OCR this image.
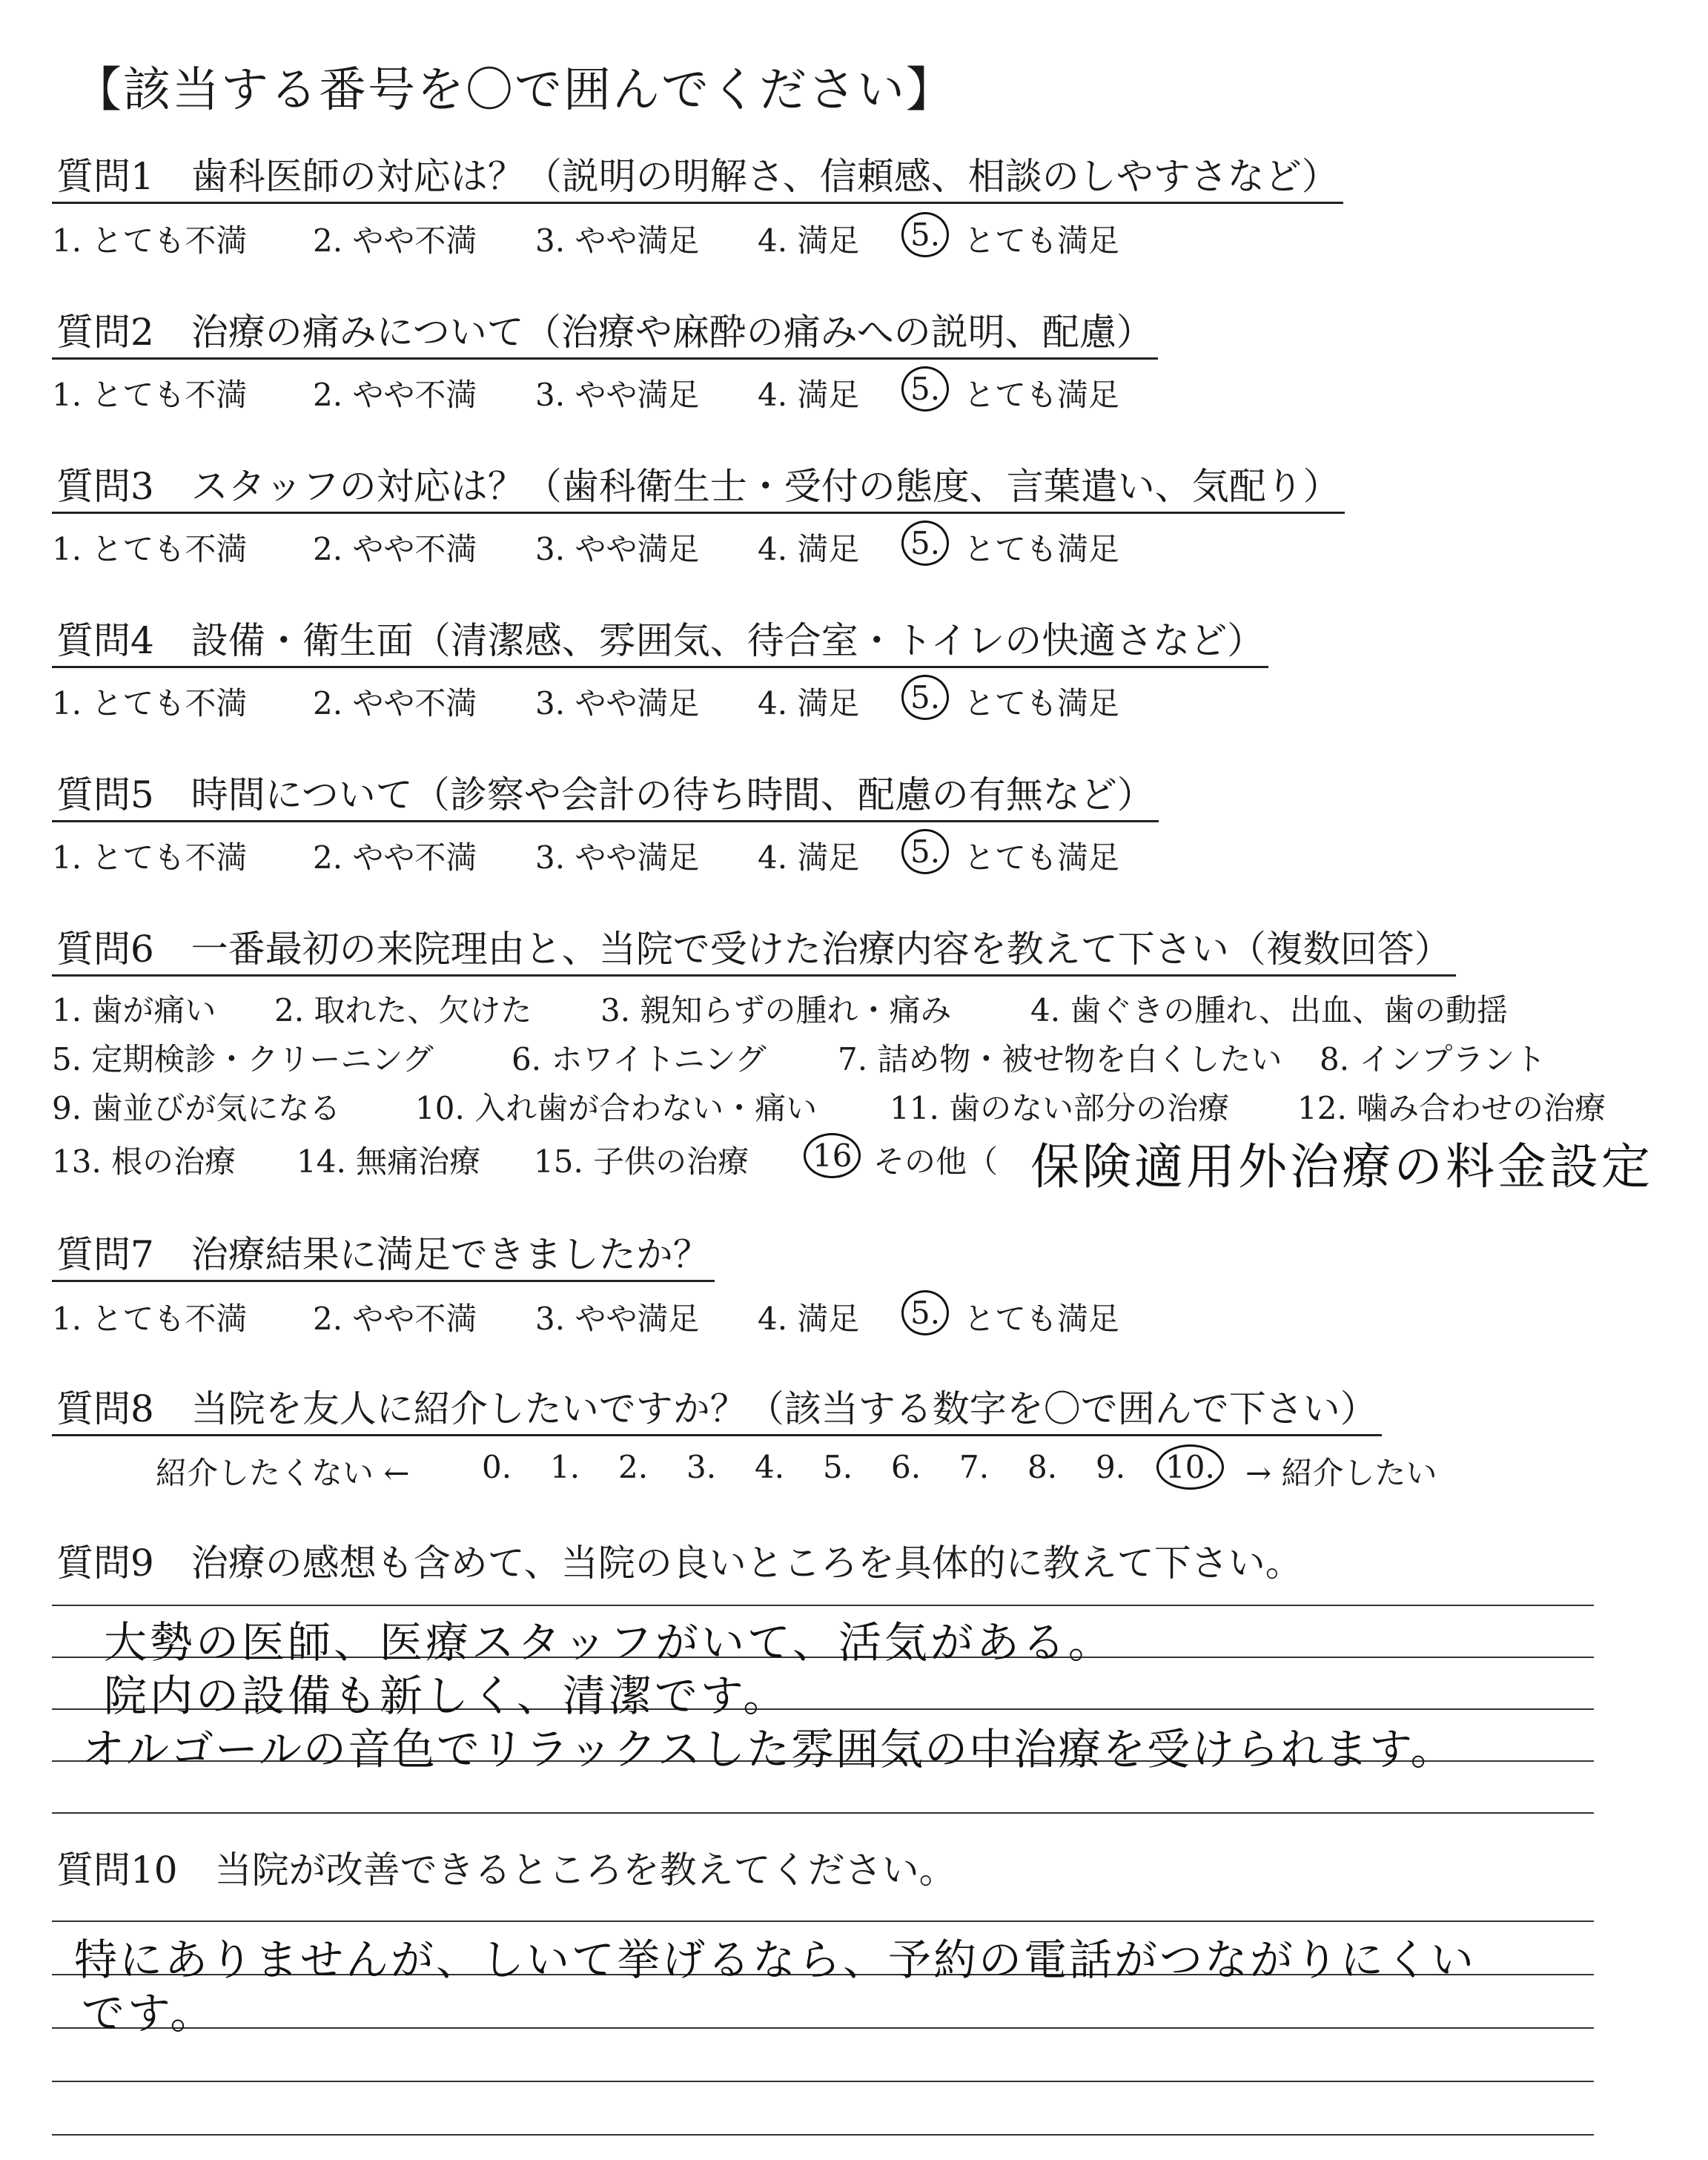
【該当する番号を〇で囲んでください】
質問1　歯科医師の対応は？（説明の明解さ、信頼感、相談のしやすさなど）
1. とても不満 2. やや不満 3. やや満足 4. 満足 5. とても満足
質問2　治療の痛みについて（治療や麻酔の痛みへの説明、配慮）
1. とても不満 2. やや不満 3. やや満足 4. 満足 5. とても満足
質問3　スタッフの対応は？（歯科衛生士・受付の態度、言葉遣い、気配り）
1. とても不満 2. やや不満 3. やや満足 4. 満足 5. とても満足
質問4　設備・衛生面（清潔感、雰囲気、待合室・トイレの快適さなど）
1. とても不満 2. やや不満 3. やや満足 4. 満足 5. とても満足
質問5　時間について（診察や会計の待ち時間、配慮の有無など）
1. とても不満 2. やや不満 3. やや満足 4. 満足 5. とても満足
質問6　一番最初の来院理由と、当院で受けた治療内容を教えて下さい（複数回答）
1. 歯が痛い 2. 取れた、欠けた 3. 親知らずの腫れ・痛み	4. 歯ぐきの腫れ、出血、歯の動揺
5. 定期検診・クリーニング	6. ホワイトニング 7. 詰め物・被せ物を白くしたい 8. インプラント
9. 歯並びが気になる 10. 入れ歯が合わない・痛い 11. 歯のない部分の治療 12. 噛み合わせの治療
13. 根の治療 14. 無痛治療 15. 子供の治療 16 その他（ 保険適用外治療の料金設定
質問7　治療結果に満足できましたか？
1. とても不満 2. やや不満 3. やや満足 4. 満足 5. とても満足
質問8　当院を友人に紹介したいですか？（該当する数字を〇で囲んで下さい）
紹介したくない ← 0. 1. 2. 3. 4. 5. 6. 7. 8. 9. 10. → 紹介したい
質問9　治療の感想も含めて、当院の良いところを具体的に教えて下さい。
大勢の医師、医療スタッフがいて、活気がある。
院内の設備も新しく、清潔です。
オルゴールの音色でリラックスした雰囲気の中治療を受けられます。
質問10　当院が改善できるところを教えてください。
特にありませんが、しいて挙げるなら、予約の電話がつながりにくい
です。
